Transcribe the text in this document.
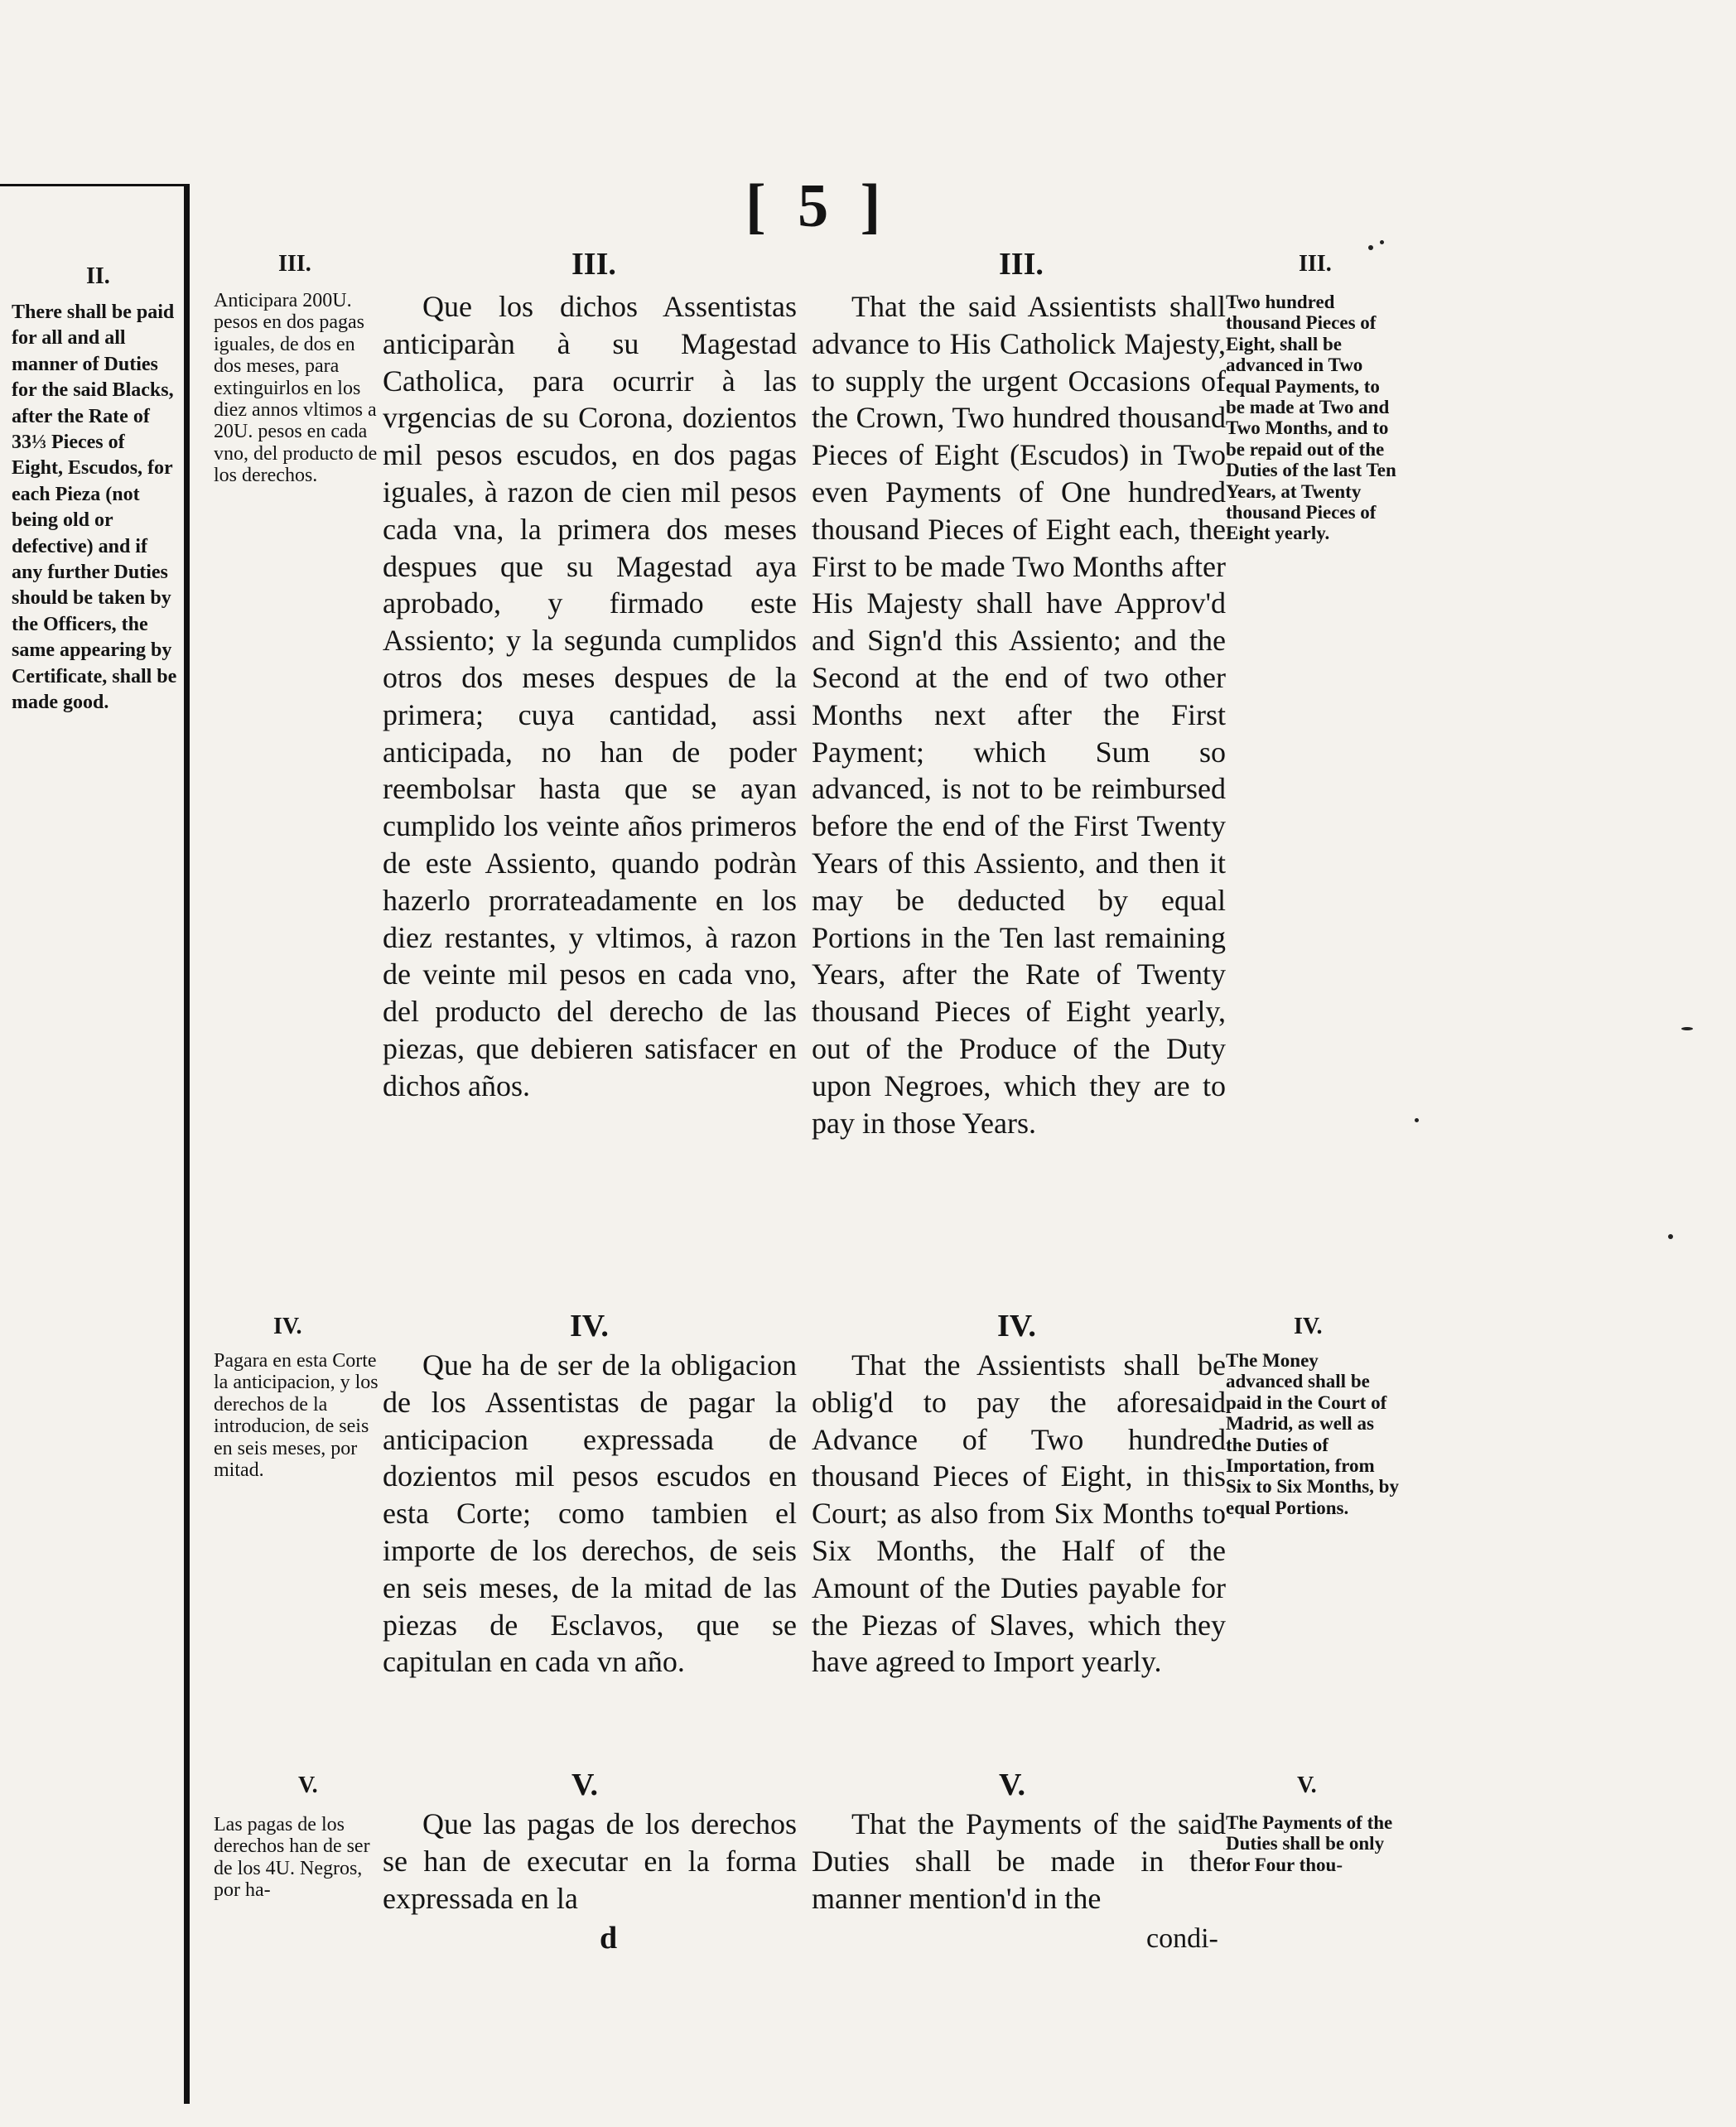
II.
There shall be paid for all and all manner of Duties for the said Blacks, after the Rate of 33⅓ Pieces of Eight, Escudos, for each Pieza (not being old or defective) and if any further Duties should be taken by the Officers, the same appearing by Certificate, shall be made good.
[ 5 ]
III.	III.	III.	III.
Anticipara 200U. pesos en dos pagas iguales, de dos en dos meses, para extinguirlos en los diez annos vltimos a 20U. pesos en cada vno, del producto de los derechos.
Que los dichos Assentistas anticiparàn à su Magestad Catholica, para ocurrir à las vrgencias de su Corona, dozientos mil pesos escudos, en dos pagas iguales, à razon de cien mil pesos cada vna, la primera dos meses despues que su Magestad aya aprobado, y firmado este Assiento; y la segunda cumplidos otros dos meses despues de la primera; cuya cantidad, assi anticipada, no han de poder reembolsar hasta que se ayan cumplido los veinte años primeros de este Assiento, quando podràn hazerlo prorrateadamente en los diez restantes, y vltimos, à razon de veinte mil pesos en cada vno, del producto del derecho de las piezas, que debieren satisfacer en dichos años.
That the said Assientists shall advance to His Catholick Majesty, to supply the urgent Occasions of the Crown, Two hundred thousand Pieces of Eight (Escudos) in Two even Payments of One hundred thousand Pieces of Eight each, the First to be made Two Months after His Majesty shall have Approv'd and Sign'd this Assiento; and the Second at the end of two other Months next after the First Payment; which Sum so advanced, is not to be reimbursed before the end of the First Twenty Years of this Assiento, and then it may be deducted by equal Portions in the Ten last remaining Years, after the Rate of Twenty thousand Pieces of Eight yearly, out of the Produce of the Duty upon Negroes, which they are to pay in those Years.
Two hundred thousand Pieces of Eight, shall be advanced in Two equal Payments, to be made at Two and Two Months, and to be repaid out of the Duties of the last Ten Years, at Twenty thousand Pieces of Eight yearly.
IV.	IV.	IV.	IV.
Pagara en esta Corte la anticipacion, y los derechos de la introducion, de seis en seis meses, por mitad.
Que ha de ser de la obligacion de los Assentistas de pagar la anticipacion expressada de dozientos mil pesos escudos en esta Corte; como tambien el importe de los derechos, de seis en seis meses, de la mitad de las piezas de Esclavos, que se capitulan en cada vn año.
That the Assientists shall be oblig'd to pay the aforesaid Advance of Two hundred thousand Pieces of Eight, in this Court; as also from Six Months to Six Months, the Half of the Amount of the Duties payable for the Piezas of Slaves, which they have agreed to Import yearly.
The Money advanced shall be paid in the Court of Madrid, as well as the Duties of Importation, from Six to Six Months, by equal Portions.
V.	V.	V.	V.
Las pagas de los derechos han de ser de los 4U. Negros, por ha-
Que las pagas de los derechos se han de executar en la forma expressada en la
That the Payments of the said Duties shall be made in the manner mention'd in the
The Payments of the Duties shall be only for Four thou-
d	condi-
